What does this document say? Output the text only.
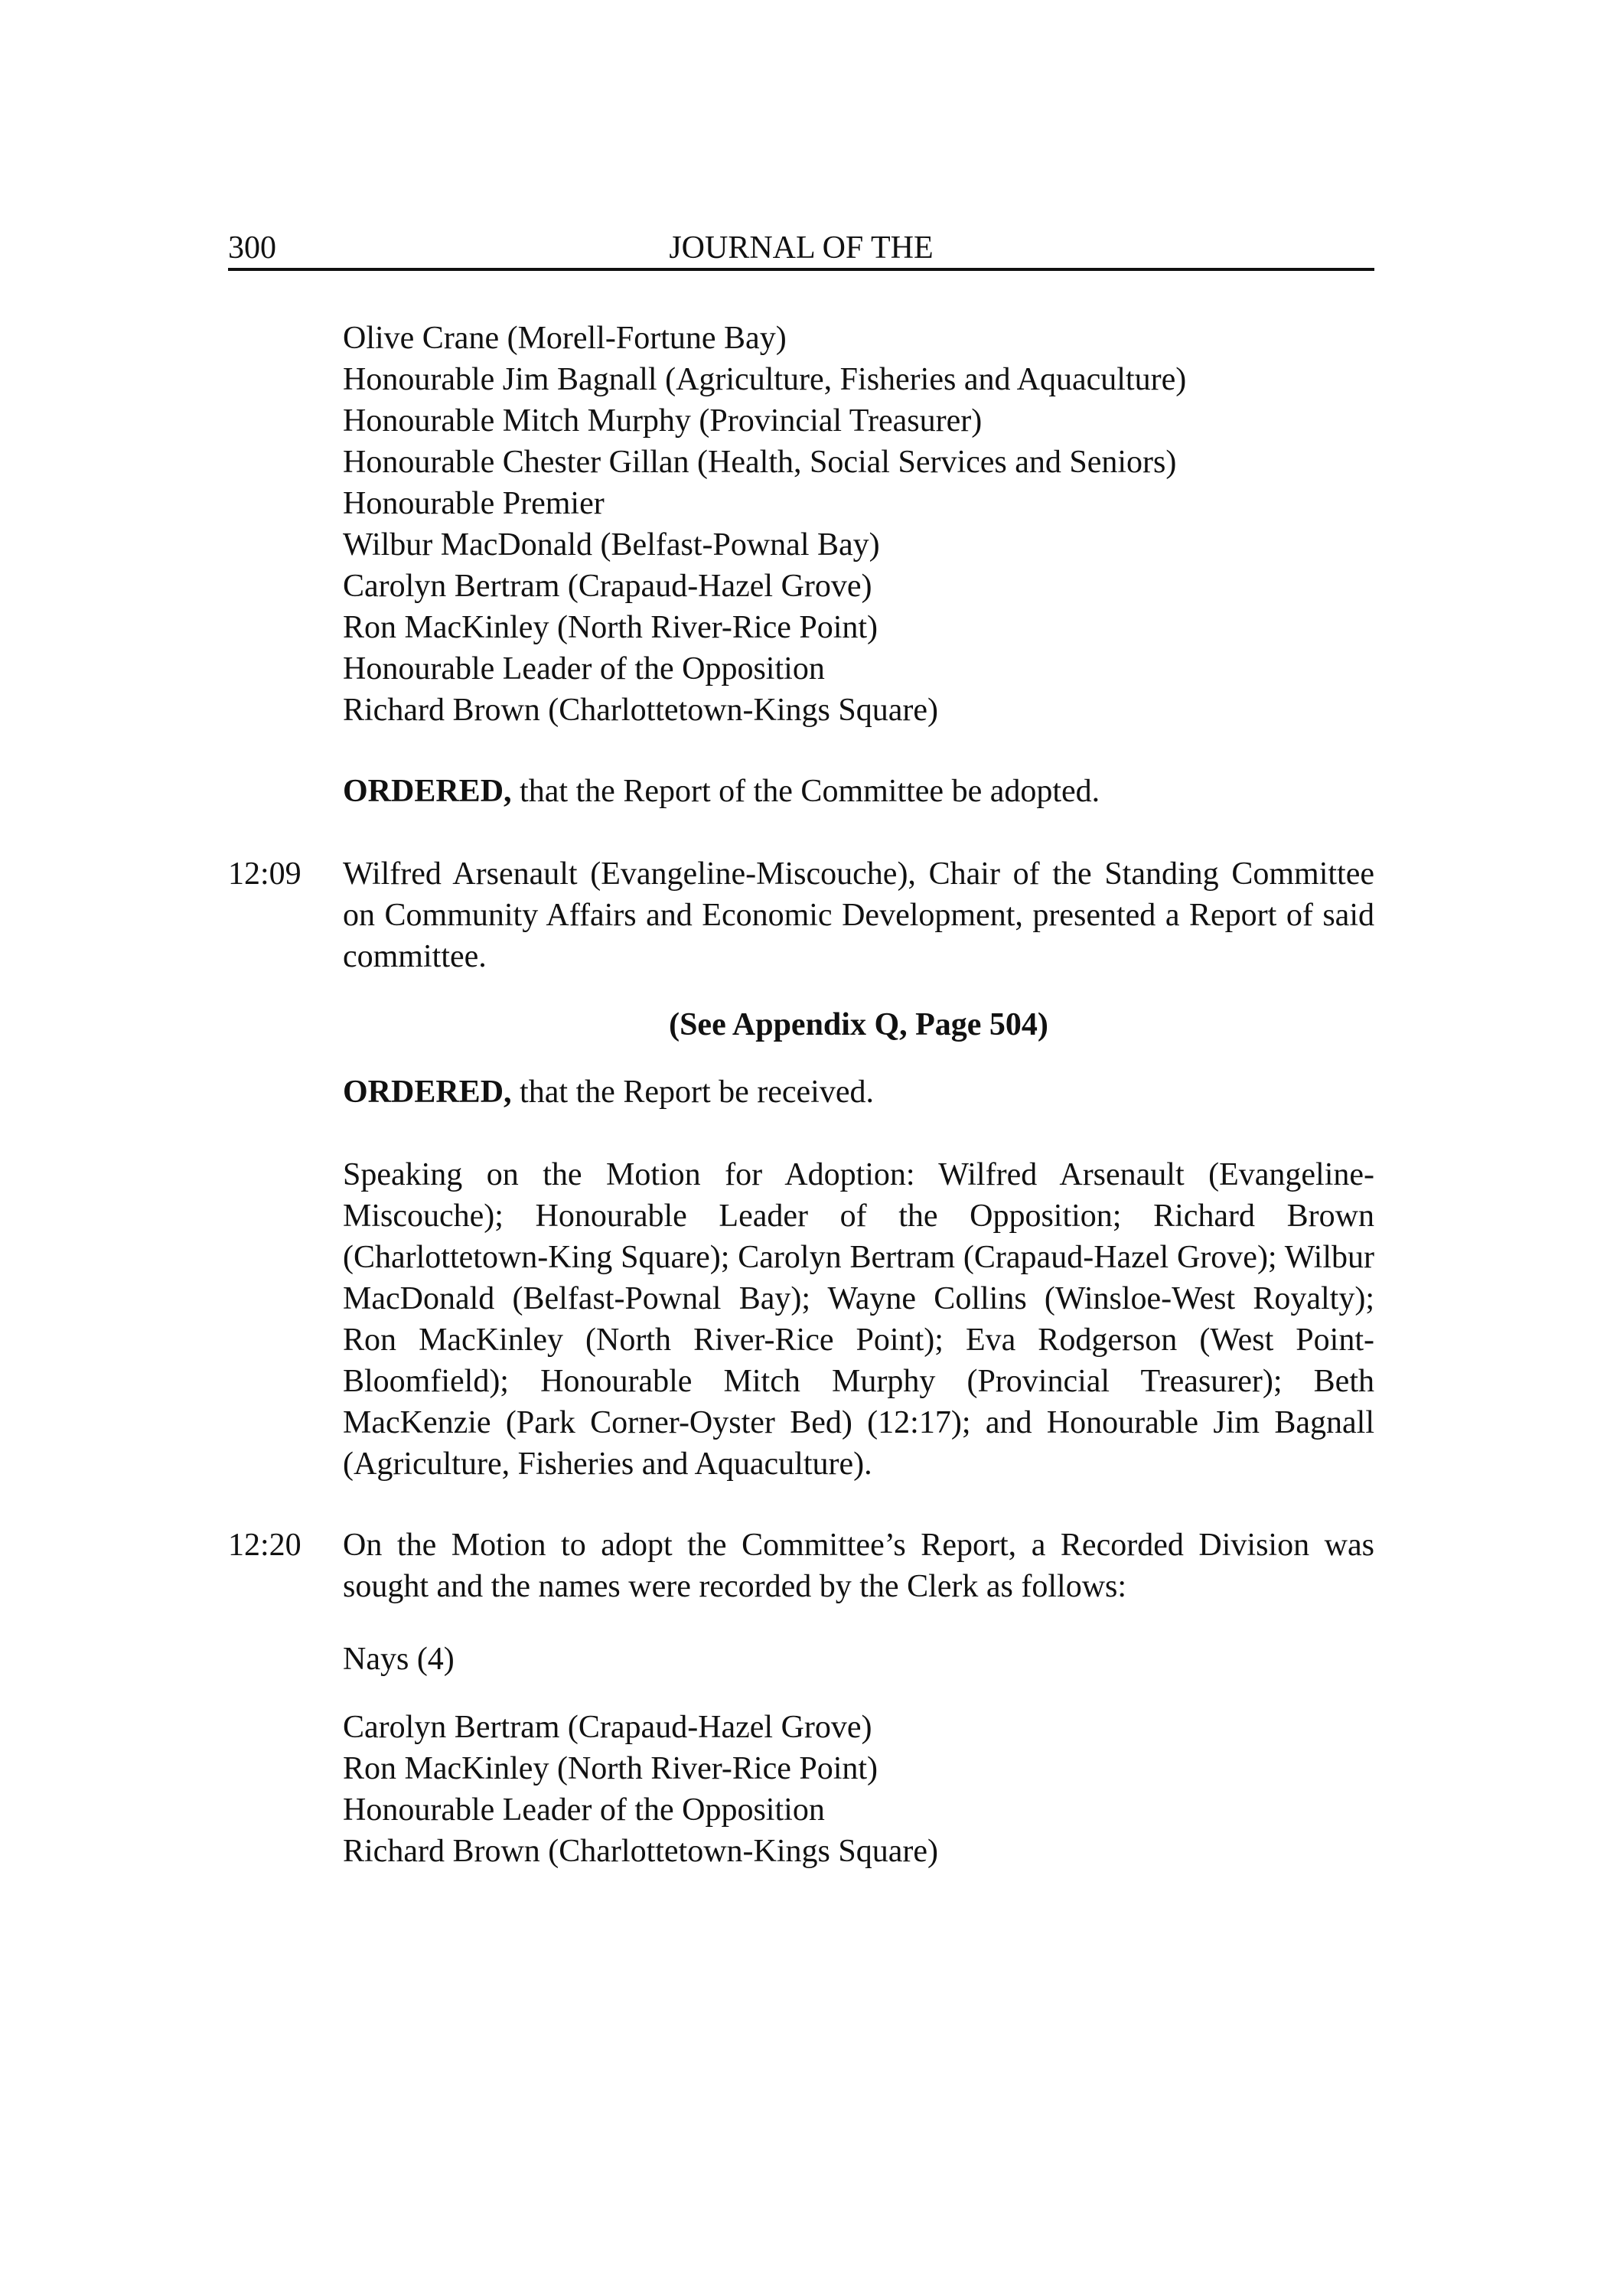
300	JOURNAL OF THE
Olive Crane (Morell-Fortune Bay)
Honourable Jim Bagnall (Agriculture, Fisheries and Aquaculture)
Honourable Mitch Murphy (Provincial Treasurer)
Honourable Chester Gillan (Health, Social Services and Seniors)
Honourable Premier
Wilbur MacDonald (Belfast-Pownal Bay)
Carolyn Bertram (Crapaud-Hazel Grove)
Ron MacKinley (North River-Rice Point)
Honourable Leader of the Opposition
Richard Brown (Charlottetown-Kings Square)
ORDERED, that the Report of the Committee be adopted.
12:09 Wilfred Arsenault (Evangeline-Miscouche), Chair of the Standing Committee on Community Affairs and Economic Development, presented a Report of said committee.
(See Appendix Q, Page 504)
ORDERED, that the Report be received.
Speaking on the Motion for Adoption: Wilfred Arsenault (Evangeline-Miscouche); Honourable Leader of the Opposition; Richard Brown (Charlottetown-King Square); Carolyn Bertram (Crapaud-Hazel Grove); Wilbur MacDonald (Belfast-Pownal Bay); Wayne Collins (Winsloe-West Royalty); Ron MacKinley (North River-Rice Point); Eva Rodgerson (West Point-Bloomfield); Honourable Mitch Murphy (Provincial Treasurer); Beth MacKenzie (Park Corner-Oyster Bed) (12:17); and Honourable Jim Bagnall (Agriculture, Fisheries and Aquaculture).
12:20 On the Motion to adopt the Committee’s Report, a Recorded Division was sought and the names were recorded by the Clerk as follows:
Nays (4)
Carolyn Bertram (Crapaud-Hazel Grove)
Ron MacKinley (North River-Rice Point)
Honourable Leader of the Opposition
Richard Brown (Charlottetown-Kings Square)
